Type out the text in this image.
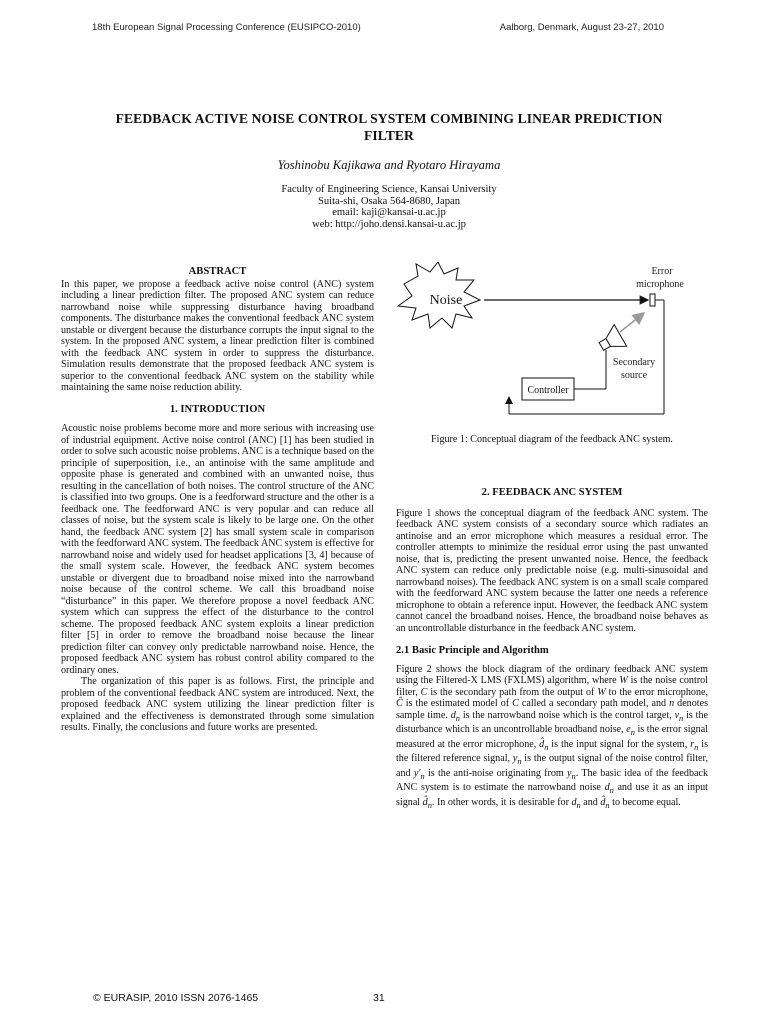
18th European Signal Processing Conference (EUSIPCO-2010)	Aalborg, Denmark, August 23-27, 2010
FEEDBACK ACTIVE NOISE CONTROL SYSTEM COMBINING LINEAR PREDICTION FILTER
Yoshinobu Kajikawa and Ryotaro Hirayama
Faculty of Engineering Science, Kansai University
Suita-shi, Osaka 564-8680, Japan
email: kaji@kansai-u.ac.jp
web: http://joho.densi.kansai-u.ac.jp

ABSTRACT

In this paper, we propose a feedback active noise control (ANC) system including a linear prediction filter. The proposed ANC system can reduce narrowband noise while suppressing disturbance having broadband components. The disturbance makes the conventional feedback ANC system unstable or divergent because the disturbance corrupts the input signal to the system. In the proposed ANC system, a linear prediction filter is combined with the feedback ANC system in order to suppress the disturbance. Simulation results demonstrate that the proposed feedback ANC system is superior to the conventional feedback ANC system on the stability while maintaining the same noise reduction ability.

1. INTRODUCTION

Acoustic noise problems become more and more serious with increasing use of industrial equipment. Active noise control (ANC) [1] has been studied in order to solve such acoustic noise problems. ANC is a technique based on the principle of superposition, i.e., an antinoise with the same amplitude and opposite phase is generated and combined with an unwanted noise, thus resulting in the cancellation of both noises. The control structure of the ANC is classified into two groups. One is a feedforward structure and the other is a feedback one. The feedforward ANC is very popular and can reduce all classes of noise, but the system scale is likely to be large one. On the other hand, the feedback ANC system [2] has small system scale in comparison with the feedforward ANC system. The feedback ANC system is effective for narrowband noise and widely used for headset applications [3, 4] because of the small system scale. However, the feedback ANC system becomes unstable or divergent due to broadband noise mixed into the narrowband noise because of the control scheme. We call this broadband noise “disturbance” in this paper. We therefore propose a novel feedback ANC system which can suppress the effect of the disturbance to the control scheme. The proposed feedback ANC system exploits a linear prediction filter [5] in order to remove the broadband noise because the linear prediction filter can convey only predictable narrowband noise. Hence, the proposed feedback ANC system has robust control ability compared to the ordinary ones.

The organization of this paper is as follows. First, the principle and problem of the conventional feedback ANC system are introduced. Next, the proposed feedback ANC system utilizing the linear prediction filter is explained and the effectiveness is demonstrated through some simulation results. Finally, the conclusions and future works are presented.

Noise
Error
microphone
Controller
Secondary
source
Figure 1: Conceptual diagram of the feedback ANC system.

2. FEEDBACK ANC SYSTEM

Figure 1 shows the conceptual diagram of the feedback ANC system. The feedback ANC system consists of a secondary source which radiates an antinoise and an error microphone which measures a residual error. The controller attempts to minimize the residual error using the past unwanted noise, that is, predicting the present unwanted noise. Hence, the feedback ANC system can reduce only predictable noise (e.g. multi-sinusoidal and narrowband noises). The feedback ANC system is on a small scale compared with the feedforward ANC system because the latter one needs a reference microphone to obtain a reference input. However, the feedback ANC system cannot cancel the broadband noises. Hence, the broadband noise behaves as an uncontrollable disturbance in the feedback ANC system.

2.1 Basic Principle and Algorithm

Figure 2 shows the block diagram of the ordinary feedback ANC system using the Filtered-X LMS (FXLMS) algorithm, where W is the noise control filter, C is the secondary path from the output of W to the error microphone, Ĉ is the estimated model of C called a secondary path model, and n denotes sample time. $d_n$ is the narrowband noise which is the control target, $v_n$ is the disturbance which is an uncontrollable broadband noise, $e_n$ is the error signal measured at the error microphone, $d̂_n$ is the input signal for the system, $r_n$ is the filtered reference signal, $y_n$ is the output signal of the noise control filter, and $y'_n$ is the anti-noise originating from $y_n$. The basic idea of the feedback ANC system is to estimate the narrowband noise $d_n$ and use it as an input signal $d̂_n$. In other words, it is desirable for $d_n$ and $d̂_n$ to become equal.

© EURASIP, 2010 ISSN 2076-1465	31
